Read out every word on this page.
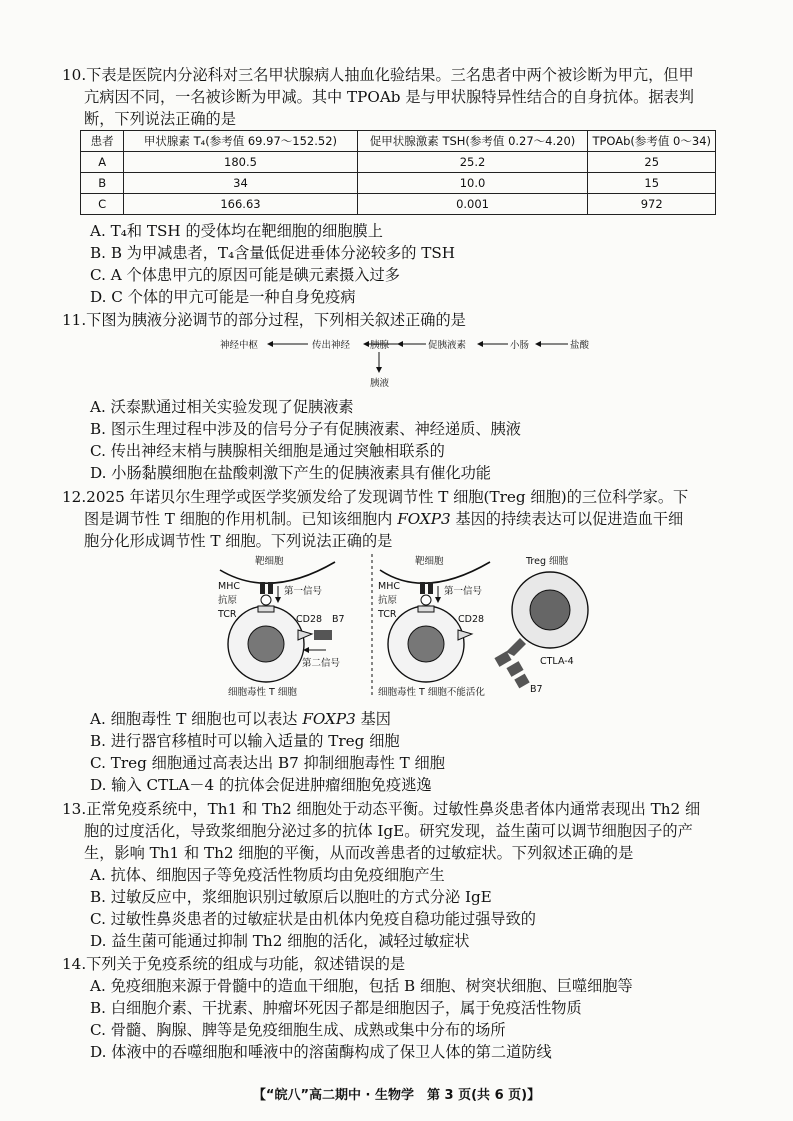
10.下表是医院内分泌科对三名甲状腺病人抽血化验结果。三名患者中两个被诊断为甲亢，但甲
亢病因不同，一名被诊断为甲减。其中 TPOAb 是与甲状腺特异性结合的自身抗体。据表判
断，下列说法正确的是
患者	甲状腺素 T₄(参考值 69.97～152.52)	促甲状腺激素 TSH(参考值 0.27～4.20)	TPOAb(参考值 0～34)
A	180.5	25.2	25
B	34	10.0	15
C	166.63	0.001	972
A. T₄和 TSH 的受体均在靶细胞的细胞膜上
B. B 为甲减患者，T₄含量低促进垂体分泌较多的 TSH
C. A 个体患甲亢的原因可能是碘元素摄入过多
D. C 个体的甲亢可能是一种自身免疫病
11.下图为胰液分泌调节的部分过程，下列相关叙述正确的是
神经中枢	传出神经 胰腺	促胰液素	小肠	盐酸
胰液
A. 沃泰默通过相关实验发现了促胰液素
B. 图示生理过程中涉及的信号分子有促胰液素、神经递质、胰液
C. 传出神经末梢与胰腺相关细胞是通过突触相联系的
D. 小肠黏膜细胞在盐酸刺激下产生的促胰液素具有催化功能
12.2025 年诺贝尔生理学或医学奖颁发给了发现调节性 T 细胞(Treg 细胞)的三位科学家。下
图是调节性 T 细胞的作用机制。已知该细胞内 FOXP3 基因的持续表达可以促进造血干细
胞分化形成调节性 T 细胞。下列说法正确的是
靶细胞
MHC
抗原
TCR
第一信号
CD28 B7
第二信号
细胞毒性 T 细胞
靶细胞
MHC
抗原
TCR
第一信号
CD28
细胞毒性 T 细胞不能活化
Treg 细胞
CTLA-4
B7
A. 细胞毒性 T 细胞也可以表达 FOXP3 基因
B. 进行器官移植时可以输入适量的 Treg 细胞
C. Treg 细胞通过高表达出 B7 抑制细胞毒性 T 细胞
D. 输入 CTLA－4 的抗体会促进肿瘤细胞免疫逃逸
13.正常免疫系统中，Th1 和 Th2 细胞处于动态平衡。过敏性鼻炎患者体内通常表现出 Th2 细
胞的过度活化，导致浆细胞分泌过多的抗体 IgE。研究发现，益生菌可以调节细胞因子的产
生，影响 Th1 和 Th2 细胞的平衡，从而改善患者的过敏症状。下列叙述正确的是
A. 抗体、细胞因子等免疫活性物质均由免疫细胞产生
B. 过敏反应中，浆细胞识别过敏原后以胞吐的方式分泌 IgE
C. 过敏性鼻炎患者的过敏症状是由机体内免疫自稳功能过强导致的
D. 益生菌可能通过抑制 Th2 细胞的活化，减轻过敏症状
14.下列关于免疫系统的组成与功能，叙述错误的是
A. 免疫细胞来源于骨髓中的造血干细胞，包括 B 细胞、树突状细胞、巨噬细胞等
B. 白细胞介素、干扰素、肿瘤坏死因子都是细胞因子，属于免疫活性物质
C. 骨髓、胸腺、脾等是免疫细胞生成、成熟或集中分布的场所
D. 体液中的吞噬细胞和唾液中的溶菌酶构成了保卫人体的第二道防线
【“皖八”高二期中 · 生物学　第 3 页(共 6 页)】
